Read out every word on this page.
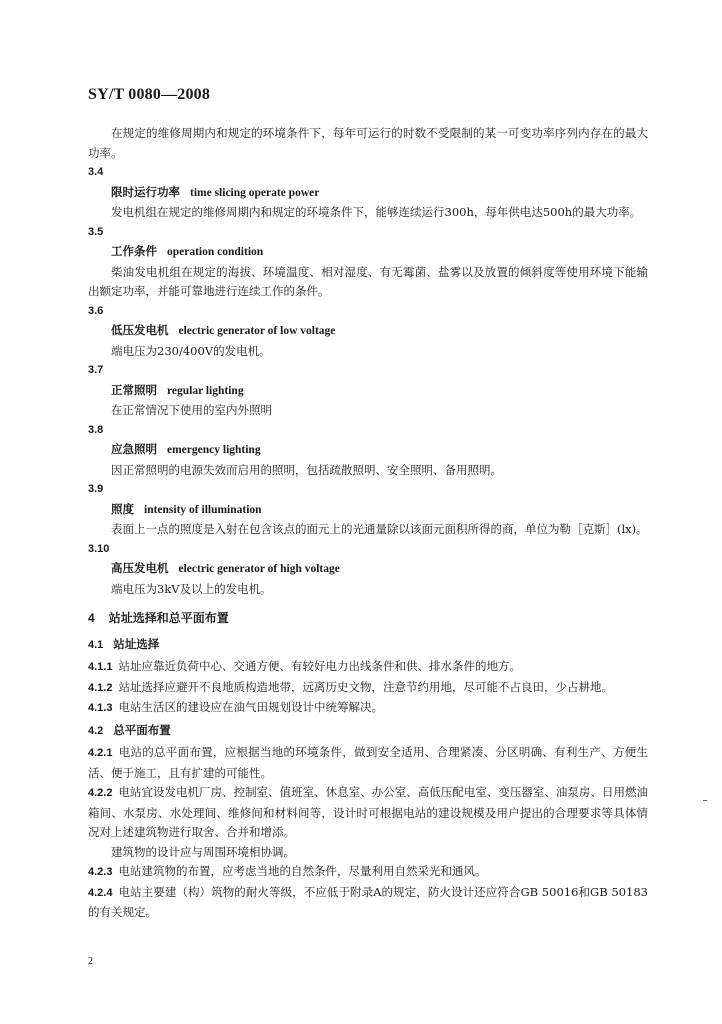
SY/T 0080—2008

在规定的维修周期内和规定的环境条件下，每年可运行的时数不受限制的某一可变功率序列内存在的最大功率。

3.4

限时运行功率 time slicing operate power

发电机组在规定的维修周期内和规定的环境条件下，能够连续运行300h，每年供电达500h的最大功率。

3.5

工作条件 operation condition

柴油发电机组在规定的海拔、环境温度、相对湿度、有无霉菌、盐雾以及放置的倾斜度等使用环境下能输出额定功率，并能可靠地进行连续工作的条件。

3.6

低压发电机 electric generator of low voltage

端电压为230/400V的发电机。

3.7

正常照明 regular lighting

在正常情况下使用的室内外照明

3.8

应急照明 emergency lighting

因正常照明的电源失效而启用的照明，包括疏散照明、安全照明、备用照明。

3.9

照度 intensity of illumination

表面上一点的照度是入射在包含该点的面元上的光通量除以该面元面积所得的商，单位为勒［克斯］(lx)。

3.10

高压发电机 electric generator of high voltage

端电压为3kV及以上的发电机。

4 站址选择和总平面布置

4.1 站址选择

4.1.1 站址应靠近负荷中心、交通方便、有较好电力出线条件和供、排水条件的地方。

4.1.2 站址选择应避开不良地质构造地带，远离历史文物，注意节约用地，尽可能不占良田，少占耕地。

4.1.3 电站生活区的建设应在油气田规划设计中统筹解决。

4.2 总平面布置

4.2.1 电站的总平面布置，应根据当地的环境条件，做到安全适用、合理紧凑、分区明确、有利生产、方便生活、便于施工，且有扩建的可能性。

4.2.2 电站宜设发电机厂房、控制室、值班室、休息室、办公室、高低压配电室、变压器室、油泵房、日用燃油箱间、水泵房、水处理间、维修间和材料间等，设计时可根据电站的建设规模及用户提出的合理要求等具体情况对上述建筑物进行取舍、合并和增添。

建筑物的设计应与周围环境相协调。

4.2.3 电站建筑物的布置，应考虑当地的自然条件，尽量利用自然采光和通风。

4.2.4 电站主要建（构）筑物的耐火等级，不应低于附录A的规定，防火设计还应符合GB 50016和GB 50183的有关规定。

2
